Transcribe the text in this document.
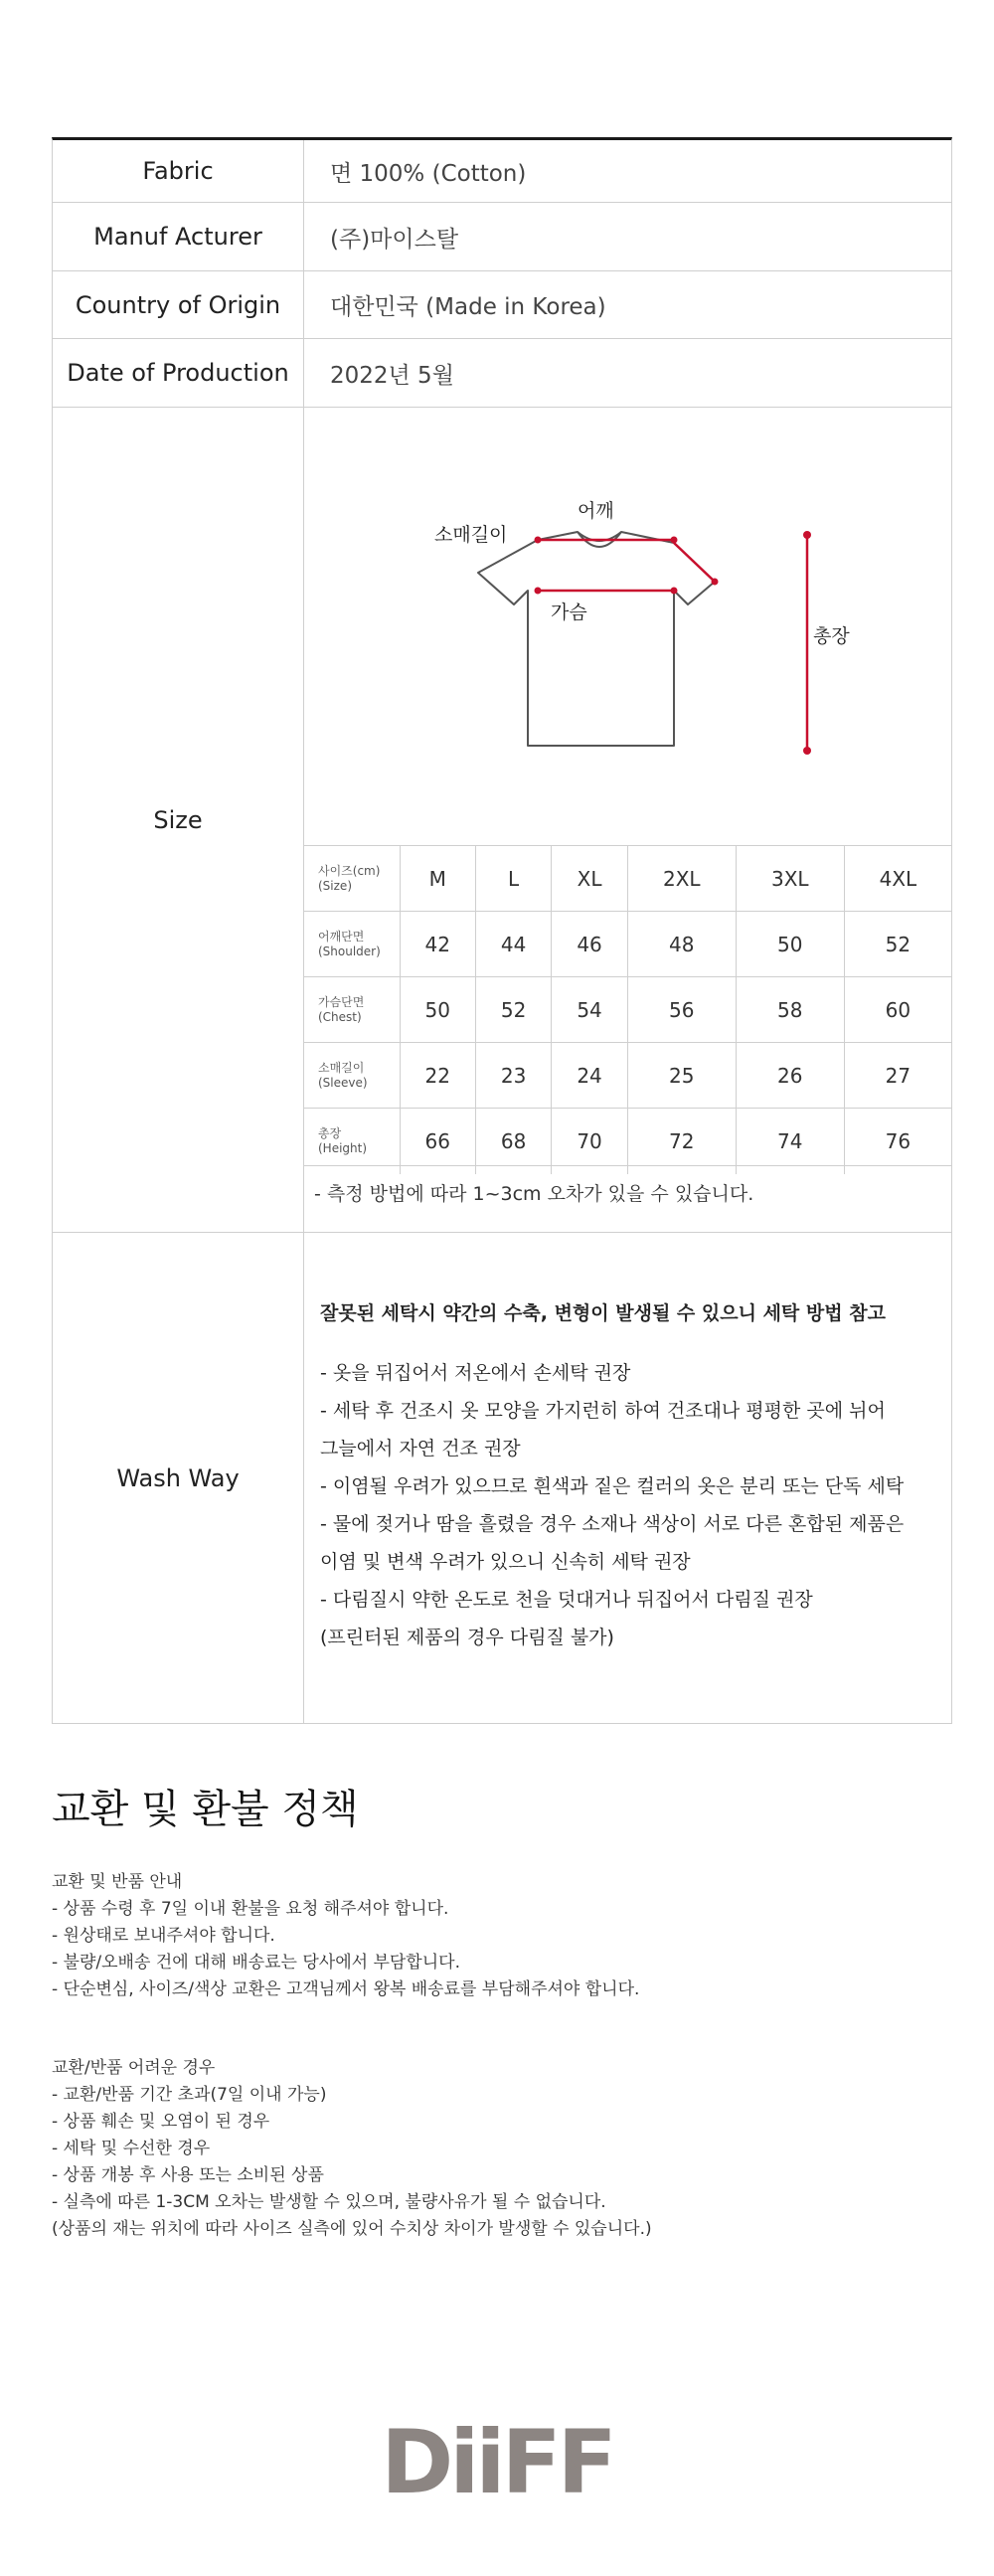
Fabric	면 100% (Cotton)
Manuf Acturer	(주)마이스탈
Country of Origin	대한민국 (Made in Korea)
Date of Production	2022년 5월
Size
소매길이
어깨
가슴
총장
사이즈(cm)
(Size)	M	L	XL	2XL	3XL	4XL

어깨단면
(Shoulder)	42	44	46	48	50	52

가슴단면
(Chest)	50	52	54	56	58	60

소매길이
(Sleeve)	22	23	24	25	26	27

총장
(Height)	66	68	70	72	74	76
- 측정 방법에 따라 1~3cm 오차가 있을 수 있습니다.
Wash Way
잘못된 세탁시 약간의 수축, 변형이 발생될 수 있으니 세탁 방법 참고
- 옷을 뒤집어서 저온에서 손세탁 권장
- 세탁 후 건조시 옷 모양을 가지런히 하여 건조대나 평평한 곳에 뉘어
그늘에서 자연 건조 권장
- 이염될 우려가 있으므로 흰색과 짙은 컬러의 옷은 분리 또는 단독 세탁
- 물에 젖거나 땀을 흘렸을 경우 소재나 색상이 서로 다른 혼합된 제품은
이염 및 변색 우려가 있으니 신속히 세탁 권장
- 다림질시 약한 온도로 천을 덧대거나 뒤집어서 다림질 권장
(프린터된 제품의 경우 다림질 불가)
교환 및 환불 정책
교환 및 반품 안내
- 상품 수령 후 7일 이내 환불을 요청 해주셔야 합니다.
- 원상태로 보내주셔야 합니다.
- 불량/오배송 건에 대해 배송료는 당사에서 부담합니다.
- 단순변심, 사이즈/색상 교환은 고객님께서 왕복 배송료를 부담해주셔야 합니다.
교환/반품 어려운 경우
- 교환/반품 기간 초과(7일 이내 가능)
- 상품 훼손 및 오염이 된 경우
- 세탁 및 수선한 경우
- 상품 개봉 후 사용 또는 소비된 상품
- 실측에 따른 1-3CM 오차는 발생할 수 있으며, 불량사유가 될 수 없습니다.
(상품의 재는 위치에 따라 사이즈 실측에 있어 수치상 차이가 발생할 수 있습니다.)
DiiFF
